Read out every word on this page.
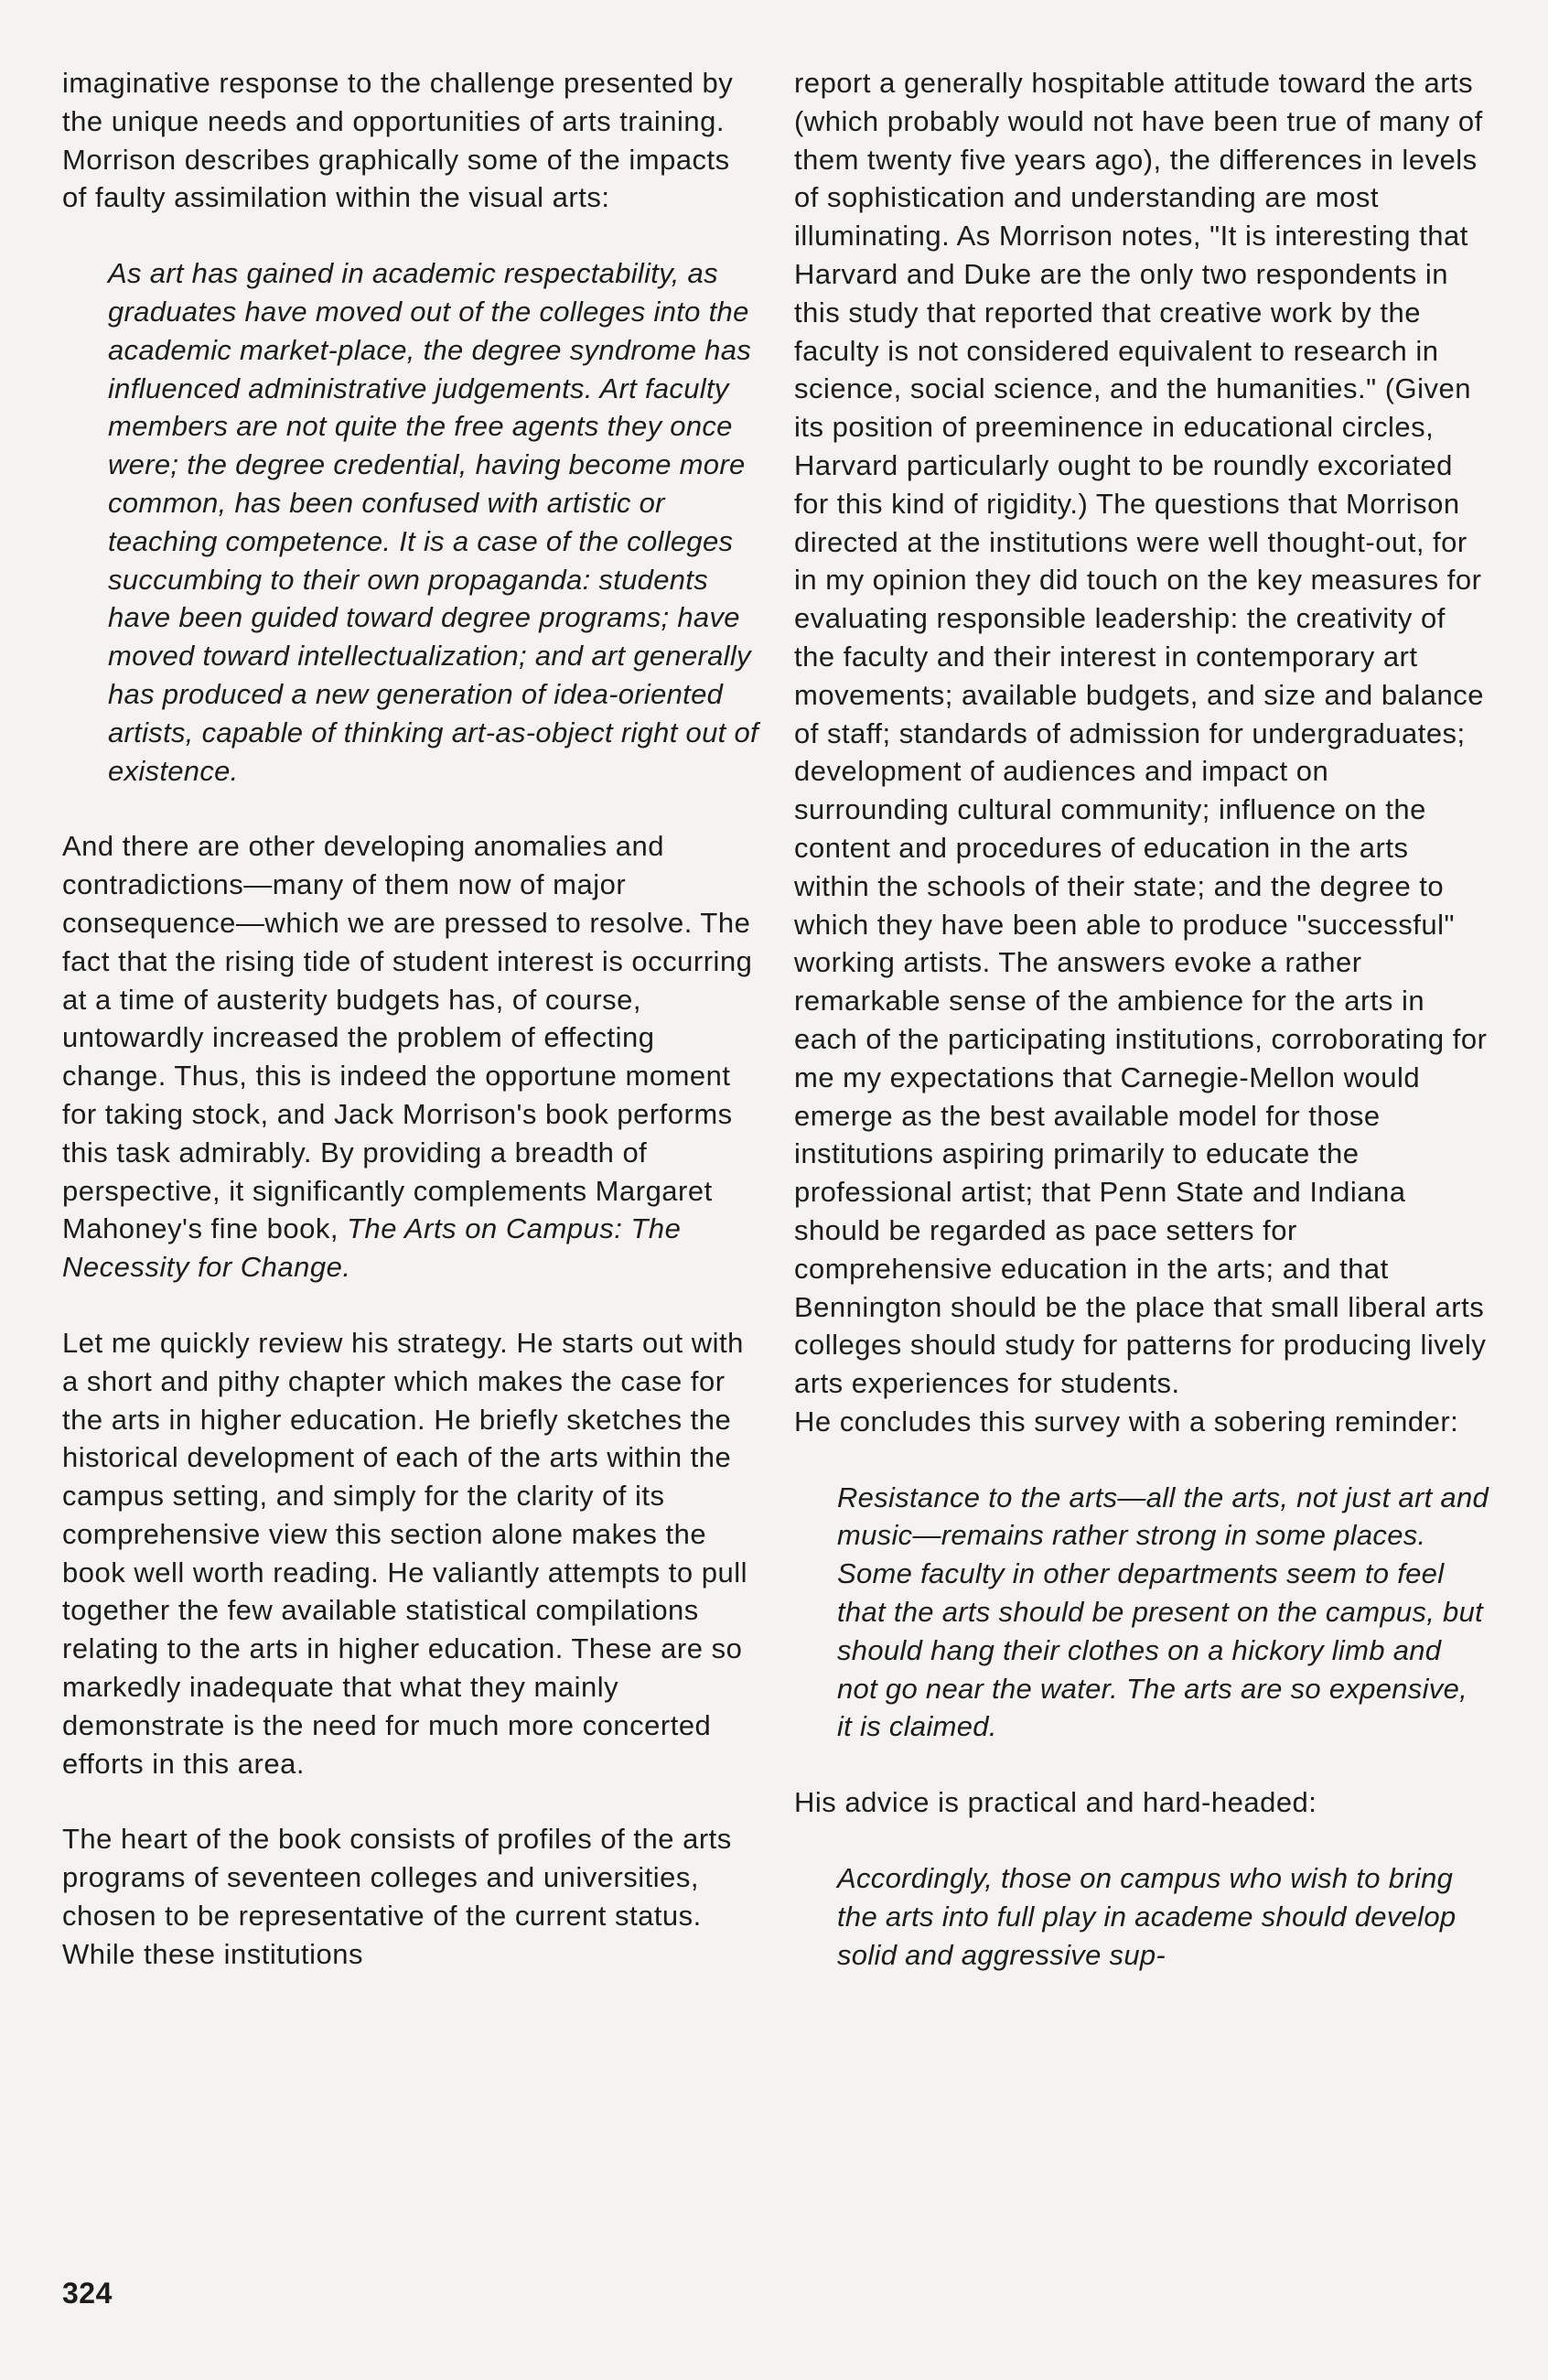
imaginative response to the challenge presented by the unique needs and opportunities of arts training. Morrison describes graphically some of the impacts of faulty assimilation within the visual arts:

As art has gained in academic respectability, as graduates have moved out of the colleges into the academic market-place, the degree syndrome has influenced administrative judgements. Art faculty members are not quite the free agents they once were; the degree credential, having become more common, has been confused with artistic or teaching competence. It is a case of the colleges succumbing to their own propaganda: students have been guided toward degree programs; have moved toward intellectualization; and art generally has produced a new generation of idea-oriented artists, capable of thinking art-as-object right out of existence.

And there are other developing anomalies and contradictions—many of them now of major consequence—which we are pressed to resolve. The fact that the rising tide of student interest is occurring at a time of austerity budgets has, of course, untowardly increased the problem of effecting change. Thus, this is indeed the opportune moment for taking stock, and Jack Morrison's book performs this task admirably. By providing a breadth of perspective, it significantly complements Margaret Mahoney's fine book, The Arts on Campus: The Necessity for Change.

Let me quickly review his strategy. He starts out with a short and pithy chapter which makes the case for the arts in higher education. He briefly sketches the historical development of each of the arts within the campus setting, and simply for the clarity of its comprehensive view this section alone makes the book well worth reading. He valiantly attempts to pull together the few available statistical compilations relating to the arts in higher education. These are so markedly inadequate that what they mainly demonstrate is the need for much more concerted efforts in this area.

The heart of the book consists of profiles of the arts programs of seventeen colleges and universities, chosen to be representative of the current status. While these institutions

report a generally hospitable attitude toward the arts (which probably would not have been true of many of them twenty five years ago), the differences in levels of sophistication and understanding are most illuminating. As Morrison notes, "It is interesting that Harvard and Duke are the only two respondents in this study that reported that creative work by the faculty is not considered equivalent to research in science, social science, and the humanities." (Given its position of preeminence in educational circles, Harvard particularly ought to be roundly excoriated for this kind of rigidity.) The questions that Morrison directed at the institutions were well thought-out, for in my opinion they did touch on the key measures for evaluating responsible leadership: the creativity of the faculty and their interest in contemporary art movements; available budgets, and size and balance of staff; standards of admission for undergraduates; development of audiences and impact on surrounding cultural community; influence on the content and procedures of education in the arts within the schools of their state; and the degree to which they have been able to produce "successful" working artists. The answers evoke a rather remarkable sense of the ambience for the arts in each of the participating institutions, corroborating for me my expectations that Carnegie-Mellon would emerge as the best available model for those institutions aspiring primarily to educate the professional artist; that Penn State and Indiana should be regarded as pace setters for comprehensive education in the arts; and that Bennington should be the place that small liberal arts colleges should study for patterns for producing lively arts experiences for students.

He concludes this survey with a sobering reminder:

Resistance to the arts—all the arts, not just art and music—remains rather strong in some places. Some faculty in other departments seem to feel that the arts should be present on the campus, but should hang their clothes on a hickory limb and not go near the water. The arts are so expensive, it is claimed.

His advice is practical and hard-headed:

Accordingly, those on campus who wish to bring the arts into full play in academe should develop solid and aggressive sup-

324
